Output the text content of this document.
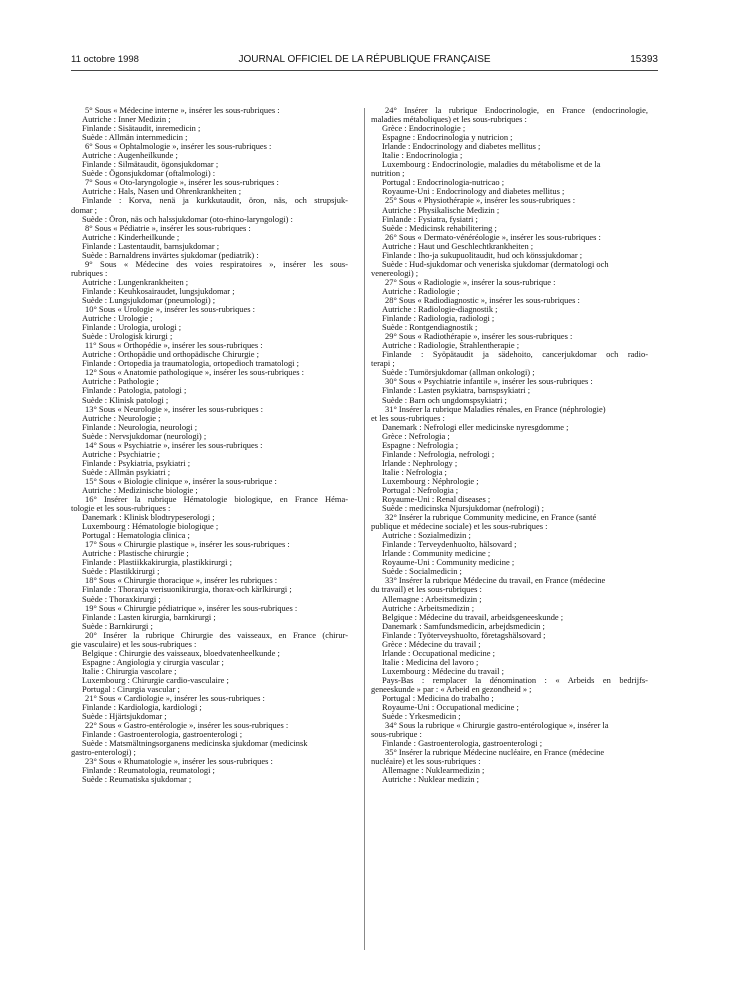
11 octobre 1998	JOURNAL OFFICIEL DE LA RÉPUBLIQUE FRANÇAISE	15393
5° Sous « Médecine interne », insérer les sous-rubriques :
Autriche : Inner Medizin ;
Finlande : Sisätaudit, inremedicin ;
Suède : Allmän internmedicin ;
6° Sous « Ophtalmologie », insérer les sous-rubriques :
Autriche : Augenheilkunde ;
Finlande : Silmätaudit, ögonsjukdomar ;
Suède : Ögonsjukdomar (oftalmologi) :
7° Sous « Oto-laryngologie », insérer les sous-rubriques :
Autriche : Hals, Nasen und Ohrenkrankheiten ;
Finlande : Korva, nenä ja kurkkutaudit, öron, näs, och strupsjuk-
domar ;
Suède : Öron, näs och halssjukdomar (oto-rhino-laryngologi) :
8° Sous « Pédiatrie », insérer les sous-rubriques :
Autriche : Kinderheilkunde ;
Finlande : Lastentaudit, barnsjukdomar ;
Suède : Barnaldrens invärtes sjukdomar (pediatrik) :
9° Sous « Médecine des voies respiratoires », insérer les sous-
rubriques :
Autriche : Lungenkrankheiten ;
Finlande : Keuhkosairaudet, lungsjukdomar ;
Suède : Lungsjukdomar (pneumologi) ;
10° Sous « Urologie », insérer les sous-rubriques :
Autriche : Urologie ;
Finlande : Urologia, urologi ;
Suède : Urologisk kirurgi ;
11° Sous « Orthopédie », insérer les sous-rubriques :
Autriche : Orthopädie und orthopädische Chirurgie ;
Finlande : Ortopedia ja traumatologia, ortopedioch tramatologi ;
12° Sous « Anatomie pathologique », insérer les sous-rubriques :
Autriche : Pathologie ;
Finlande : Patologia, patologi ;
Suède : Klinisk patologi ;
13° Sous « Neurologie », insérer les sous-rubriques :
Autriche : Neurologie ;
Finlande : Neurologia, neurologi ;
Suède : Nervsjukdomar (neurologi) ;
14° Sous « Psychiatrie », insérer les sous-rubriques :
Autriche : Psychiatrie ;
Finlande : Psykiatria, psykiatri ;
Suède : Allmän psykiatri ;
15° Sous « Biologie clinique », insérer la sous-rubrique :
Autriche : Medizinische biologie ;
16° Insérer la rubrique Hématologie biologique, en France Héma-
tologie et les sous-rubriques :
Danemark : Klinisk blodtrypeserologi ;
Luxembourg : Hématologie biologique ;
Portugal : Hematologia clinica ;
17° Sous « Chirurgie plastique », insérer les sous-rubriques :
Autriche : Plastische chirurgie ;
Finlande : Plastiikkakirurgia, plastikkirurgi ;
Suède : Plastikkirurgi ;
18° Sous « Chirurgie thoracique », insérer les rubriques :
Finlande : Thoraxja verisuonikirurgia, thorax-och kärlkirurgi ;
Suède : Thoraxkirurgi ;
19° Sous « Chirurgie pédiatrique », insérer les sous-rubriques :
Finlande : Lasten kirurgia, barnkirurgi ;
Suède : Barnkirurgi ;
20° Insérer la rubrique Chirurgie des vaisseaux, en France (chirur-
gie vasculaire) et les sous-rubriques :
Belgique : Chirurgie des vaisseaux, bloedvatenheelkunde ;
Espagne : Angiologia y cirurgia vascular ;
Italie : Chirurgia vascolare ;
Luxembourg : Chirurgie cardio-vasculaire ;
Portugal : Cirurgia vascular ;
21° Sous « Cardiologie », insérer les sous-rubriques :
Finlande : Kardiologia, kardiologi ;
Suède : Hjärtsjukdomar ;
22° Sous « Gastro-entérologie », insérer les sous-rubriques :
Finlande : Gastroenterologia, gastroenterologi ;
Suède : Matsmältningsorganens medicinska sjukdomar (medicinsk
gastro-enterologi) ;
23° Sous « Rhumatologie », insérer les sous-rubriques :
Finlande : Reumatologia, reumatologi ;
Suède : Reumatiska sjukdomar ;
24° Insérer la rubrique Endocrinologie, en France (endocrinologie,
maladies métaboliques) et les sous-rubriques :
Grèce : Endocrinologie ;
Espagne : Endocrinologia y nutricion ;
Irlande : Endocrinology and diabetes mellitus ;
Italie : Endocrinologia ;
Luxembourg : Endocrinologie, maladies du métabolisme et de la
nutrition ;
Portugal : Endocrinologia-nutricao ;
Royaume-Uni : Endocrinology and diabetes mellitus ;
25° Sous « Physiothérapie », insérer les sous-rubriques :
Autriche : Physikalische Medizin ;
Finlande : Fysiatra, fysiatri ;
Suède : Medicinsk rehabilitering ;
26° Sous « Dermato-vénéréologie », insérer les sous-rubriques :
Autriche : Haut und Geschlechtkrankheiten ;
Finlande : Iho-ja sukupuolitaudit, hud och könssjukdomar ;
Suède : Hud-sjukdomar och veneriska sjukdomar (dermatologi och
venereologi) ;
27° Sous « Radiologie », insérer la sous-rubrique :
Autriche : Radiologie ;
28° Sous « Radiodiagnostic », insérer les sous-rubriques :
Autriche : Radiologie-diagnostik ;
Finlande : Radiologia, radiologi ;
Suède : Rontgendiagnostik ;
29° Sous « Radiothérapie », insérer les sous-rubriques :
Autriche : Radiologie, Strahlentherapie ;
Finlande : Syöpätaudit ja sädehoito, cancerjukdomar och radio-
terapi ;
Suède : Tumörsjukdomar (allman onkologi) ;
30° Sous « Psychiatrie infantile », insérer les sous-rubriques :
Finlande : Lasten psykiatra, barnspsykiatri ;
Suède : Barn och ungdomspsykiatri ;
31° Insérer la rubrique Maladies rénales, en France (néphrologie)
et les sous-rubriques :
Danemark : Nefrologi eller medicinske nyresgdomme ;
Grèce : Nefrologia ;
Espagne : Nefrologia ;
Finlande : Nefrologia, nefrologi ;
Irlande : Nephrology ;
Italie : Nefrologia ;
Luxembourg : Néphrologie ;
Portugal : Nefrologia ;
Royaume-Uni : Renal diseases ;
Suède : medicinska Njursjukdomar (nefrologi) ;
32° Insérer la rubrique Community medicine, en France (santé
publique et médecine sociale) et les sous-rubriques :
Autriche : Sozialmedizin ;
Finlande : Terveydenhuolto, hälsovard ;
Irlande : Community medicine ;
Royaume-Uni : Community medicine ;
Suède : Socialmedicin ;
33° Insérer la rubrique Médecine du travail, en France (médecine
du travail) et les sous-rubriques :
Allemagne : Arbeitsmedizin ;
Autriche : Arbeitsmedizin ;
Belgique : Médecine du travail, arbeidsgeneeskunde ;
Danemark : Samfundsmedicin, arbejdsmedicin ;
Finlande : Työterveyshuolto, företagshälsovard ;
Grèce : Médecine du travail ;
Irlande : Occupational medicine ;
Italie : Medicina del lavoro ;
Luxembourg : Médecine du travail ;
Pays-Bas : remplacer la dénomination : « Arbeids en bedrijfs-
geneeskunde » par : « Arbeid en gezondheid » ;
Portugal : Medicina do trabalho ;
Royaume-Uni : Occupational medicine ;
Suède : Yrkesmedicin ;
34° Sous la rubrique « Chirurgie gastro-entérologique », insérer la
sous-rubrique :
Finlande : Gastroenterologia, gastroenterologi ;
35° Insérer la rubrique Médecine nucléaire, en France (médecine
nucléaire) et les sous-rubriques :
Allemagne : Nuklearmedizin ;
Autriche : Nuklear medizin ;
